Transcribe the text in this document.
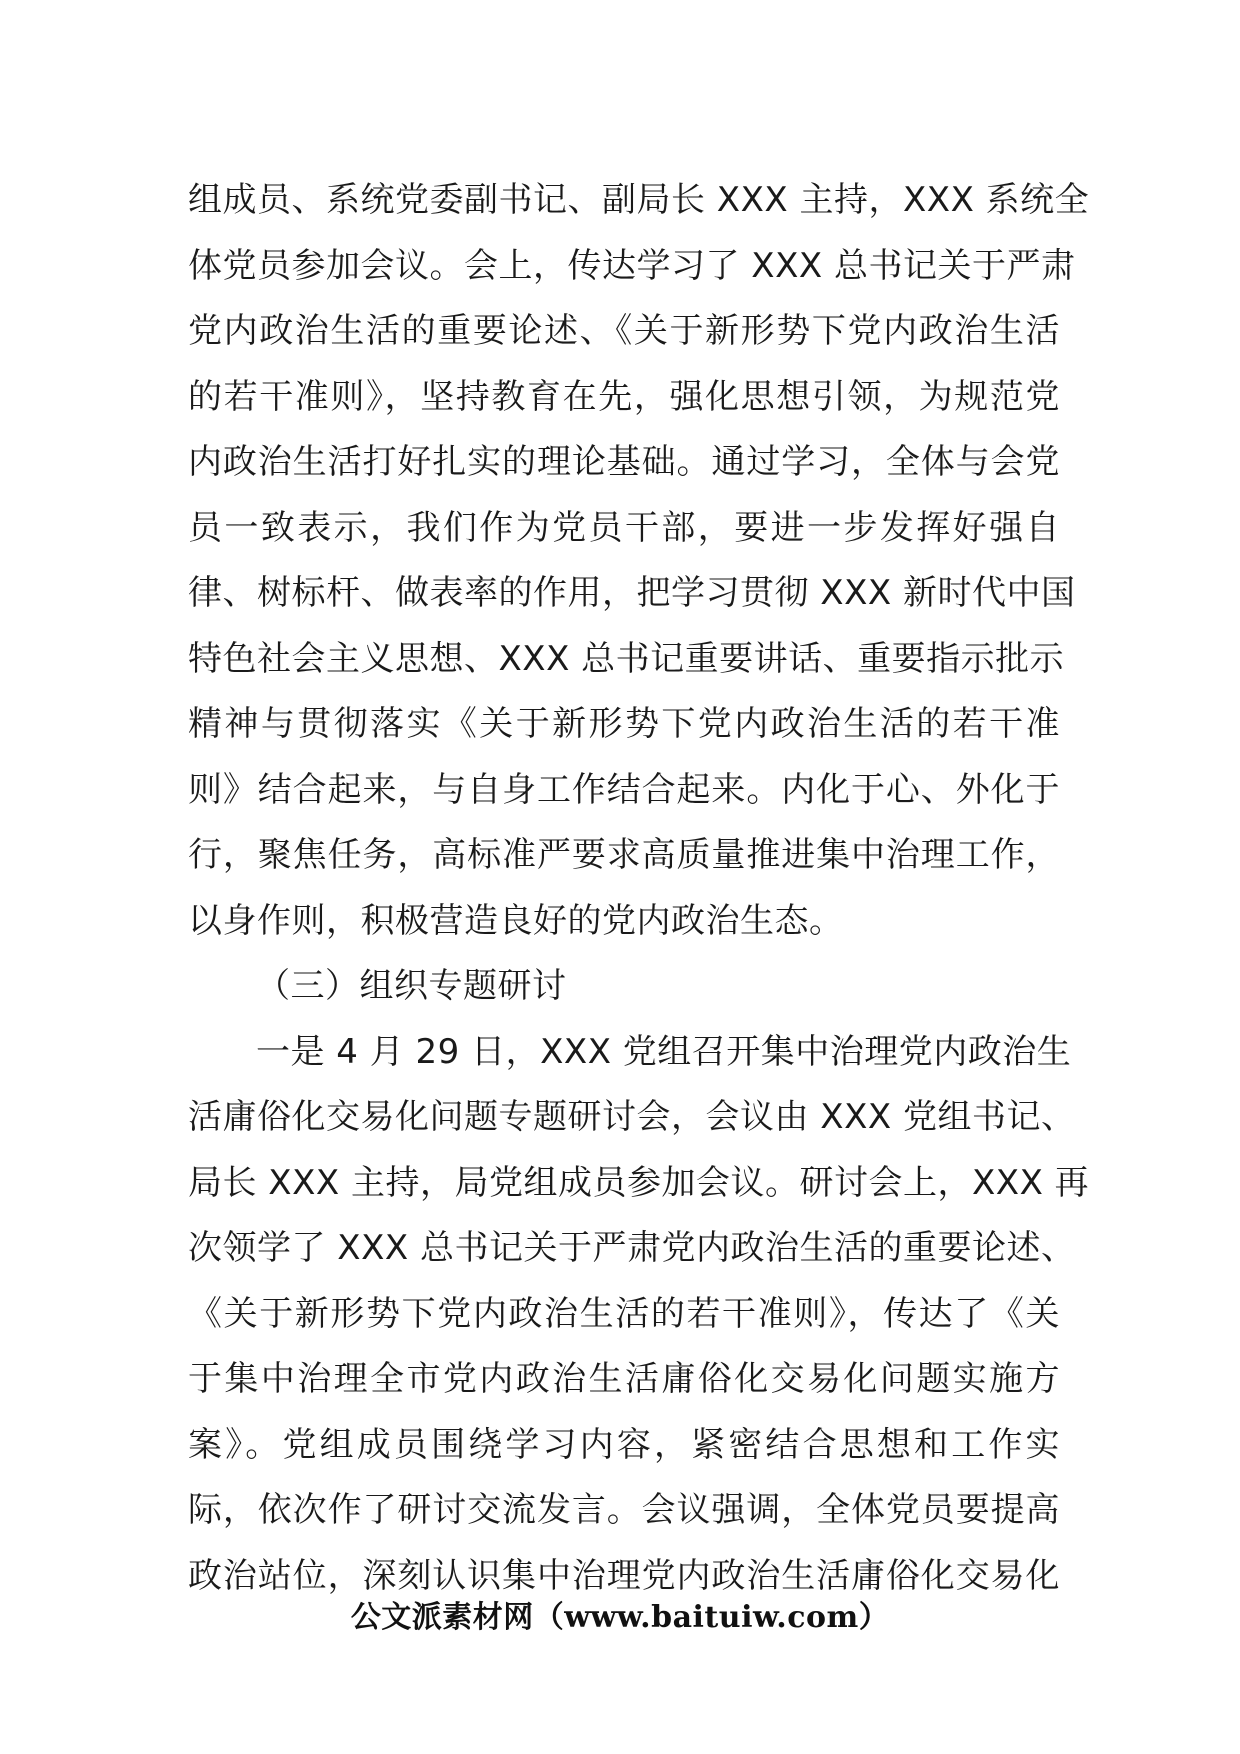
组成员、系统党委副书记、副局长 XXX 主持，XXX 系统全
体党员参加会议。会上，传达学习了 XXX 总书记关于严肃
党内政治生活的重要论述、《关于新形势下党内政治生活
的若干准则》，坚持教育在先，强化思想引领，为规范党
内政治生活打好扎实的理论基础。通过学习，全体与会党
员一致表示，我们作为党员干部，要进一步发挥好强自
律、树标杆、做表率的作用，把学习贯彻 XXX 新时代中国
特色社会主义思想、XXX 总书记重要讲话、重要指示批示
精神与贯彻落实《关于新形势下党内政治生活的若干准
则》结合起来，与自身工作结合起来。内化于心、外化于
行，聚焦任务，高标准严要求高质量推进集中治理工作，
以身作则，积极营造良好的党内政治生态。
（三）组织专题研讨
一是 4 月 29 日，XXX 党组召开集中治理党内政治生
活庸俗化交易化问题专题研讨会，会议由 XXX 党组书记、
局长 XXX 主持，局党组成员参加会议。研讨会上，XXX 再
次领学了 XXX 总书记关于严肃党内政治生活的重要论述、
《关于新形势下党内政治生活的若干准则》，传达了《关
于集中治理全市党内政治生活庸俗化交易化问题实施方
案》。党组成员围绕学习内容，紧密结合思想和工作实
际，依次作了研讨交流发言。会议强调，全体党员要提高
政治站位，深刻认识集中治理党内政治生活庸俗化交易化
公文派素材网（www.baituiw.com）
